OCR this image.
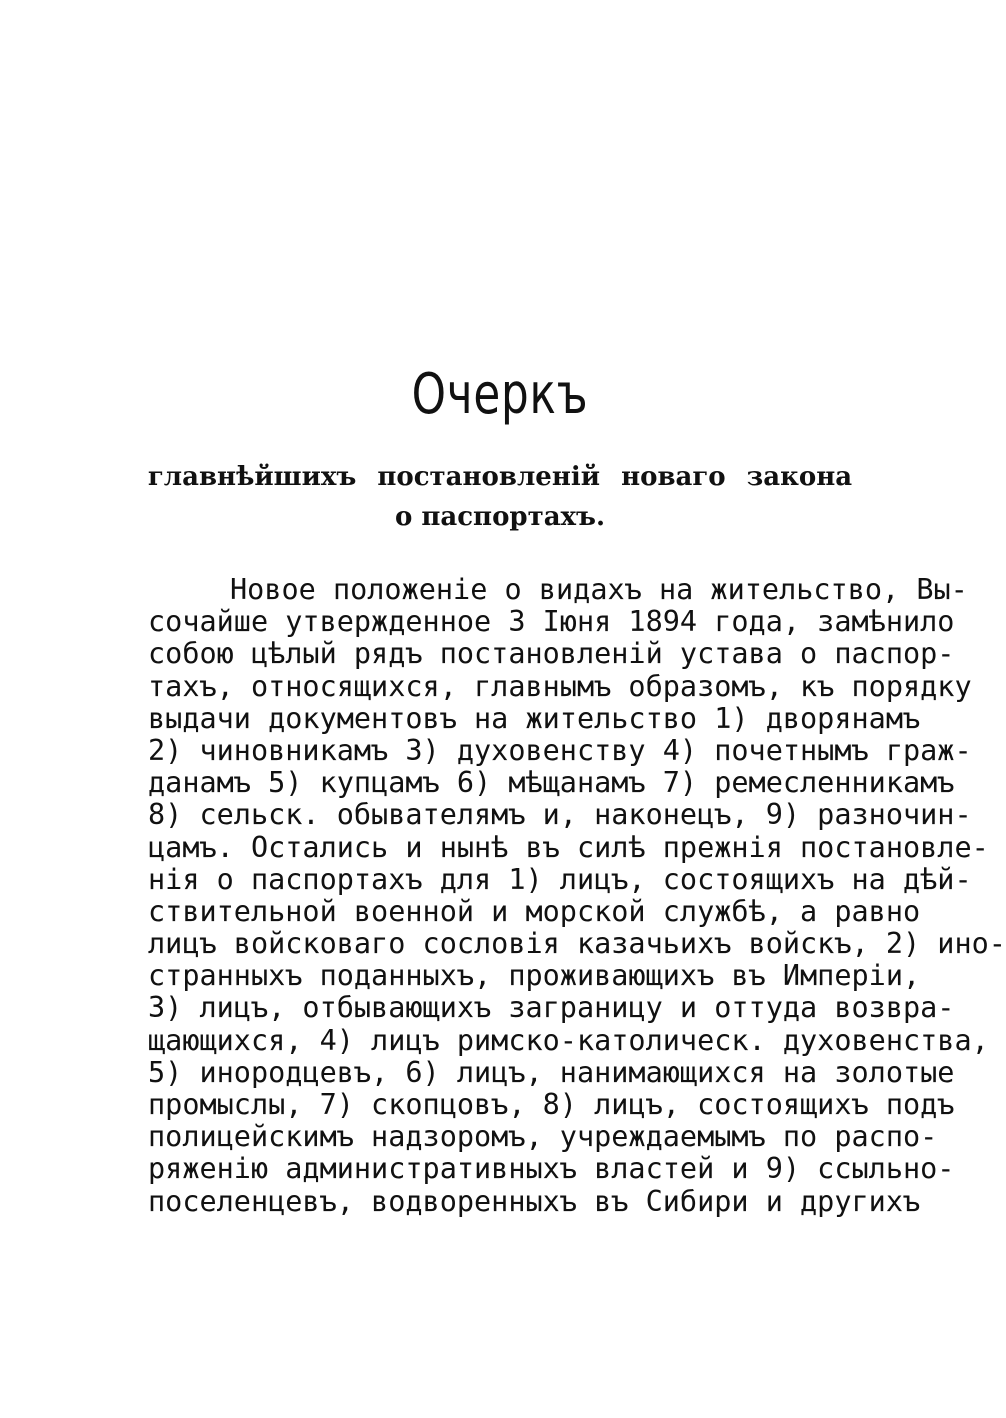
Очеркъ

главнѣйшихъ постановленій новаго закона

о паспортахъ.

Новое положеніе о видахъ на жительство, Вы-
сочайше утвержденное 3 Іюня 1894 года, замѣнило
собою цѣлый рядъ постановленій устава о паспор-
тахъ, относящихся, главнымъ образомъ, къ порядку
выдачи документовъ на жительство 1) дворянамъ
2) чиновникамъ 3) духовенству 4) почетнымъ граж-
данамъ 5) купцамъ 6) мѣщанамъ 7) ремесленникамъ
8) сельск. обывателямъ и, наконецъ, 9) разночин-
цамъ. Остались и нынѣ въ силѣ прежнія постановле-
нія о паспортахъ для 1) лицъ, состоящихъ на дѣй-
ствительной военной и морской службѣ, а равно
лицъ войсковаго сословія казачьихъ войскъ, 2) ино-
странныхъ поданныхъ, проживающихъ въ Имперіи,
3) лицъ, отбывающихъ заграницу и оттуда возвра-
щающихся, 4) лицъ римско-католическ. духовенства,
5) инородцевъ, 6) лицъ, нанимающихся на золотые
промыслы, 7) скопцовъ, 8) лицъ, состоящихъ подъ
полицейскимъ надзоромъ, учреждаемымъ по распо-
ряженію административныхъ властей и 9) ссыльно-
поселенцевъ, водворенныхъ въ Сибири и другихъ
